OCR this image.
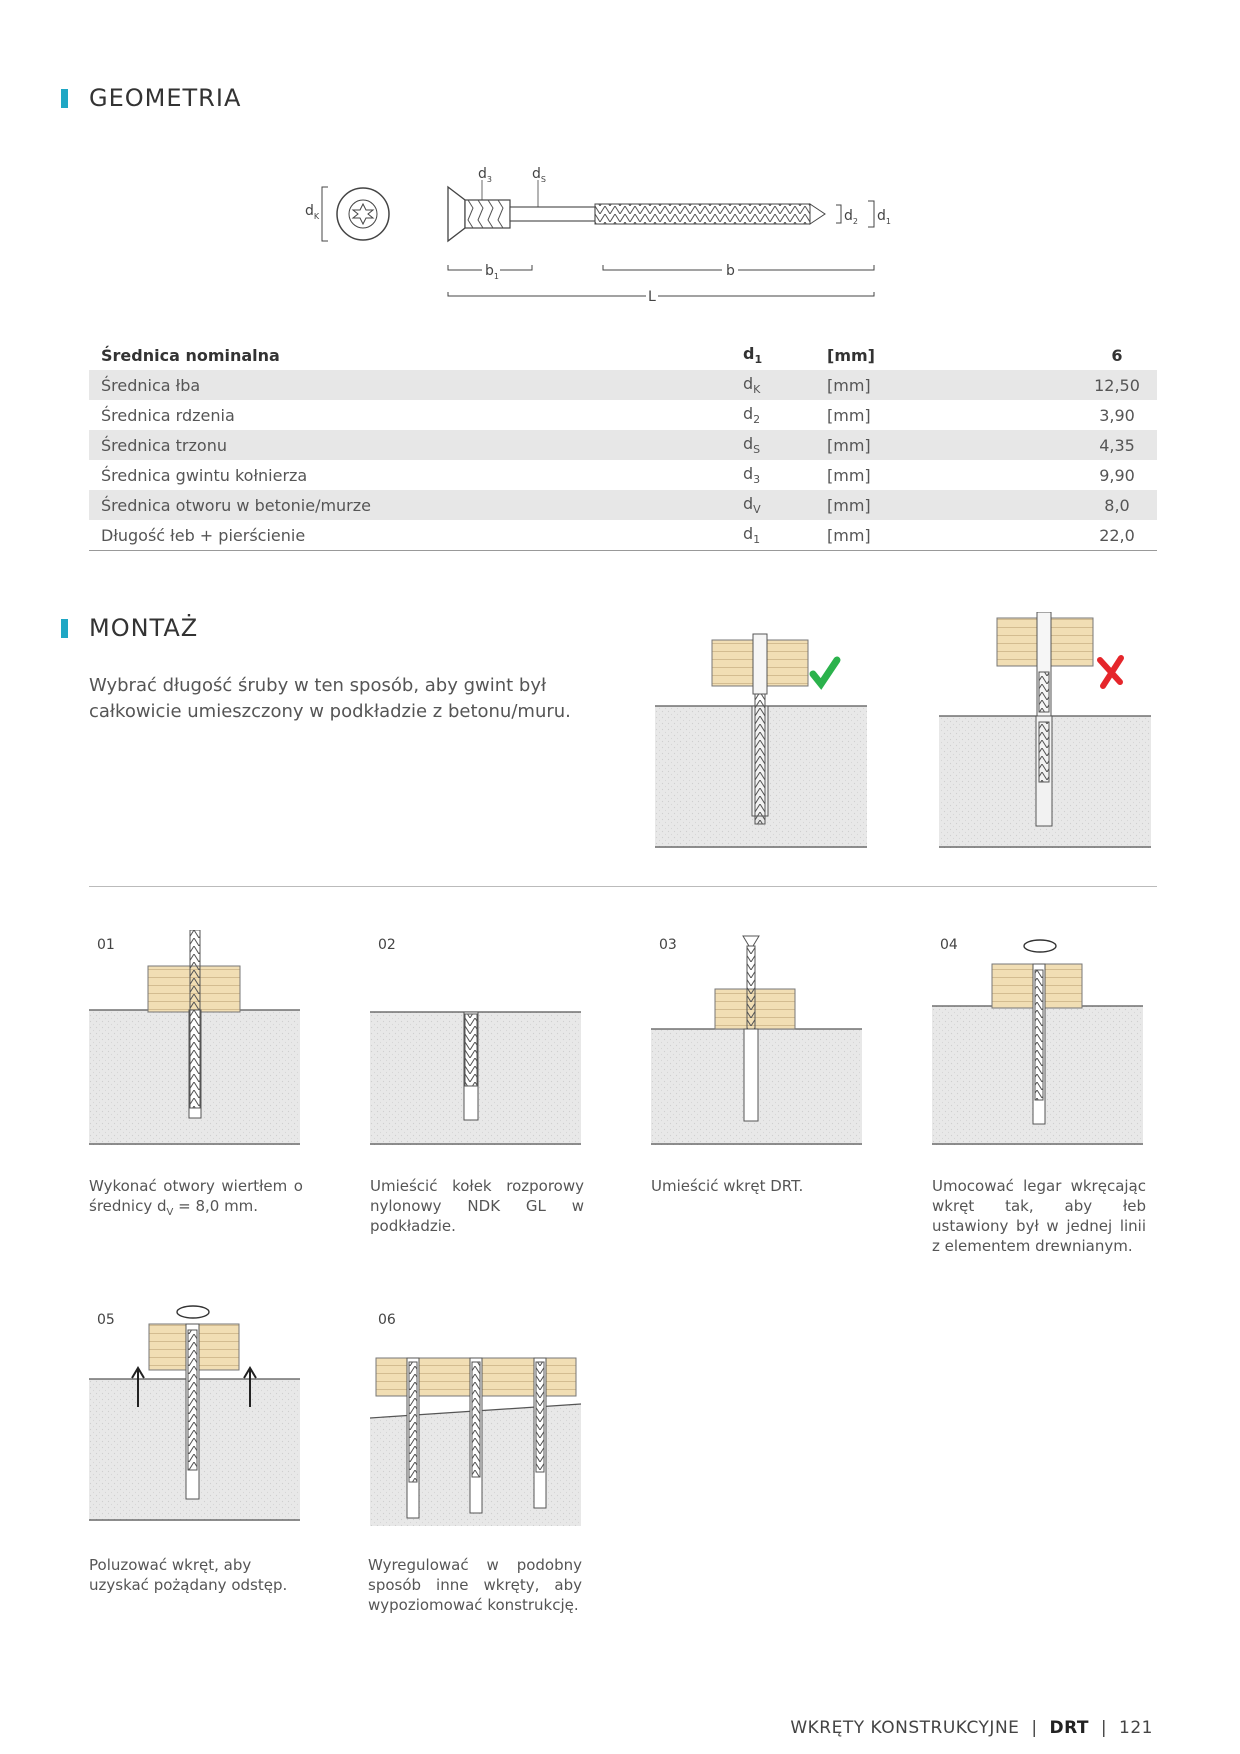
GEOMETRIA
$d_K$
$d_3$	$d_S$
$d_2$ $d_1$
$b_1$	b
L
Średnica nominalna	$d_1$	[mm]	6	
Średnica łba	$d_K$	[mm]	12,50	
Średnica rdzenia	$d_2$	[mm]	3,90	
Średnica trzonu	$d_S$	[mm]	4,35	
Średnica gwintu kołnierza	$d_3$	[mm]	9,90	
Średnica otworu w betonie/murze	$d_V$	[mm]	8,0	
Długość łeb + pierścienie	$d_1$	[mm]	22,0	
MONTAŻ
Wybrać długość śruby w ten sposób, aby gwint był całkowicie umieszczony w podkładzie z betonu/muru.
01
Wykonać otwory wiertłem o średnicy $d_V = 8,0$ mm.
02
Umieścić kołek rozporowy nylonowy NDK GL w podkładzie.
03
Umieścić wkręt DRT.
04
Umocować legar wkręcając wkręt tak, aby łeb ustawiony był w jednej linii z elementem drewnianym.
05
Poluzować wkręt, aby uzyskać pożądany odstęp.
06
Wyregulować w podobny sposób inne wkręty, aby wypoziomować konstrukcję.
WKRĘTY KONSTRUKCYJNE | DRT | 121
